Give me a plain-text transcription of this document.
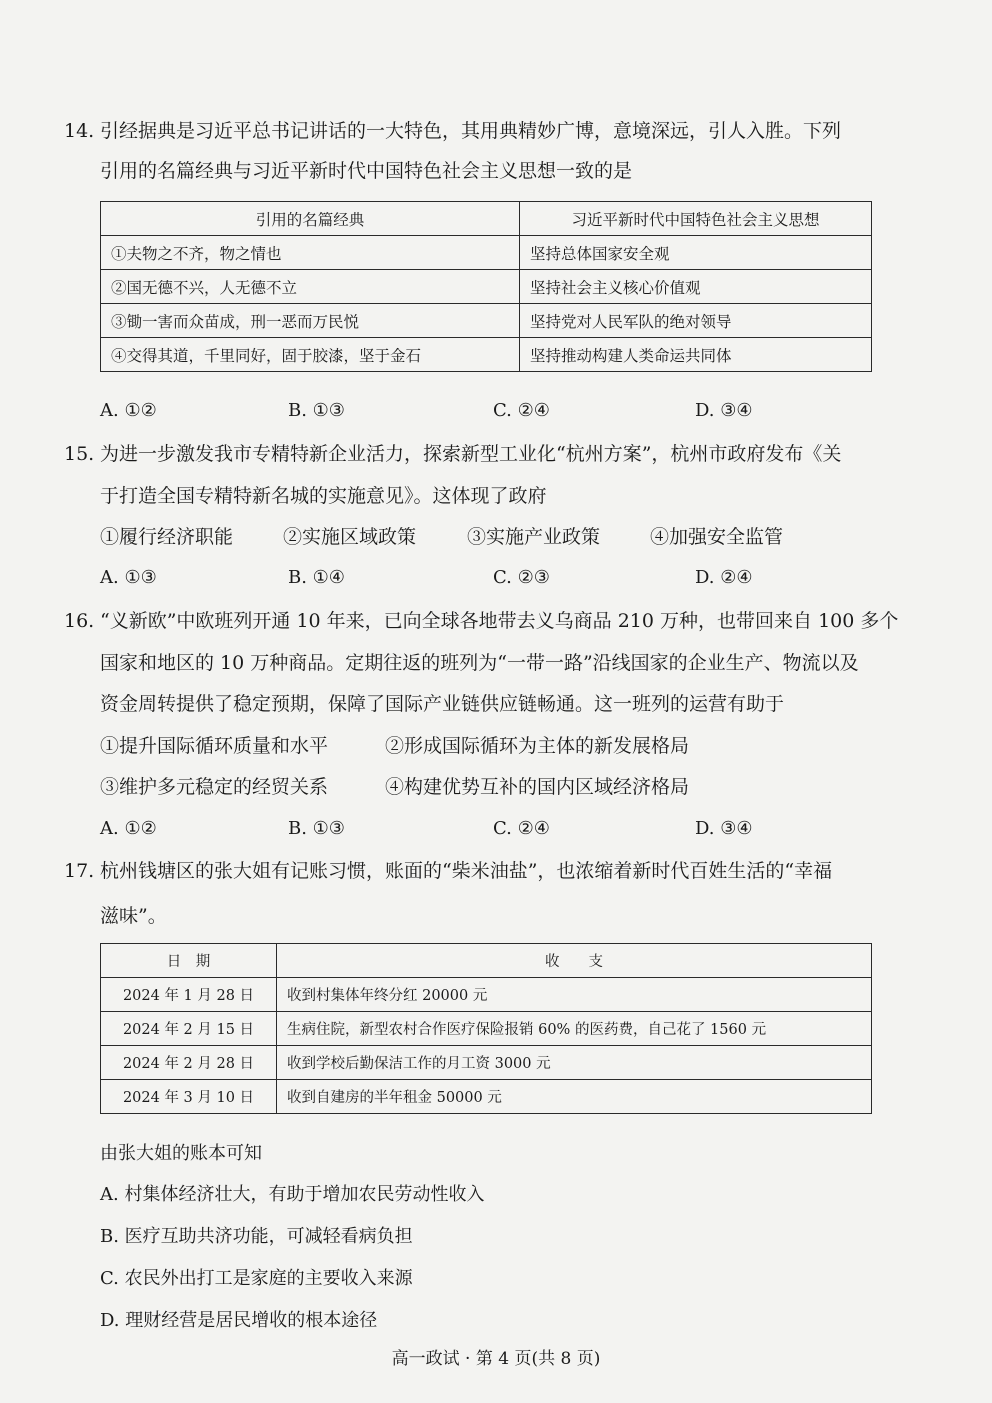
14. 引经据典是习近平总书记讲话的一大特色，其用典精妙广博，意境深远，引人入胜。下列
引用的名篇经典与习近平新时代中国特色社会主义思想一致的是
引用的名篇经典	习近平新时代中国特色社会主义思想
①夫物之不齐，物之情也	坚持总体国家安全观
②国无德不兴，人无德不立	坚持社会主义核心价值观
③锄一害而众苗成，刑一恶而万民悦	坚持党对人民军队的绝对领导
④交得其道，千里同好，固于胶漆，坚于金石	坚持推动构建人类命运共同体
A. ①②	B. ①③	C. ②④	D. ③④
15. 为进一步激发我市专精特新企业活力，探索新型工业化“杭州方案”，杭州市政府发布《关
于打造全国专精特新名城的实施意见》。这体现了政府
①履行经济职能	②实施区域政策	③实施产业政策	④加强安全监管
A. ①③	B. ①④	C. ②③	D. ②④
16. “义新欧”中欧班列开通 10 年来，已向全球各地带去义乌商品 210 万种，也带回来自 100 多个
国家和地区的 10 万种商品。定期往返的班列为“一带一路”沿线国家的企业生产、物流以及
资金周转提供了稳定预期，保障了国际产业链供应链畅通。这一班列的运营有助于
①提升国际循环质量和水平	②形成国际循环为主体的新发展格局
③维护多元稳定的经贸关系	④构建优势互补的国内区域经济格局
A. ①②	B. ①③	C. ②④	D. ③④
17. 杭州钱塘区的张大姐有记账习惯，账面的“柴米油盐”，也浓缩着新时代百姓生活的“幸福
滋味”。
日　期	收　　支
2024 年 1 月 28 日	收到村集体年终分红 20000 元
2024 年 2 月 15 日	生病住院，新型农村合作医疗保险报销 60% 的医药费，自己花了 1560 元
2024 年 2 月 28 日	收到学校后勤保洁工作的月工资 3000 元
2024 年 3 月 10 日	收到自建房的半年租金 50000 元
由张大姐的账本可知
A. 村集体经济壮大，有助于增加农民劳动性收入
B. 医疗互助共济功能，可减轻看病负担
C. 农民外出打工是家庭的主要收入来源
D. 理财经营是居民增收的根本途径
高一政试 · 第 4 页(共 8 页)
